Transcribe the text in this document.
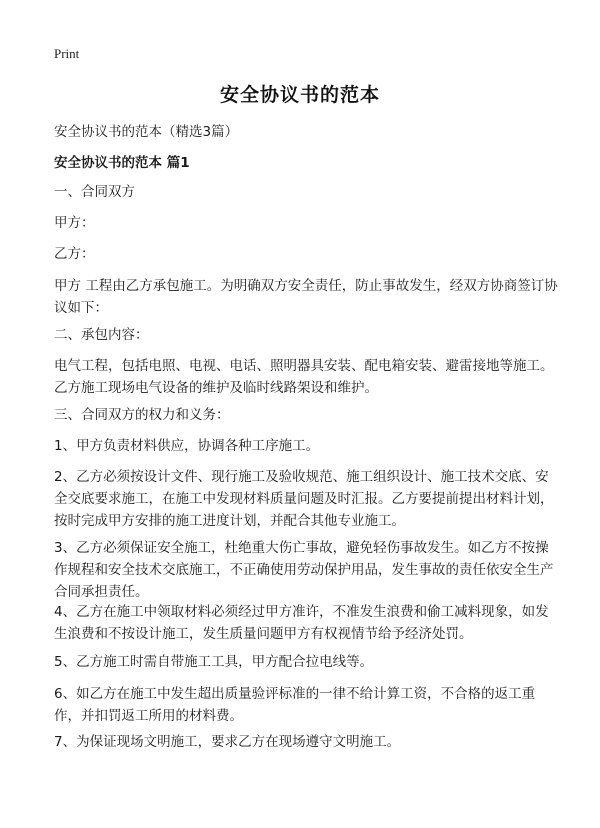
Print
安全协议书的范本
安全协议书的范本（精选3篇）
安全协议书的范本 篇1
一、合同双方
甲方：
乙方：
甲方 工程由乙方承包施工。为明确双方安全责任，防止事故发生，经双方协商签订协议如下：
二、承包内容：
电气工程，包括电照、电视、电话、照明器具安装、配电箱安装、避雷接地等施工。乙方施工现场电气设备的维护及临时线路架设和维护。
三、合同双方的权力和义务：
1、甲方负责材料供应，协调各种工序施工。
2、乙方必须按设计文件、现行施工及验收规范、施工组织设计、施工技术交底、安全交底要求施工，在施工中发现材料质量问题及时汇报。乙方要提前提出材料计划，按时完成甲方安排的施工进度计划，并配合其他专业施工。
3、乙方必须保证安全施工，杜绝重大伤亡事故，避免轻伤事故发生。如乙方不按操作规程和安全技术交底施工，不正确使用劳动保护用品，发生事故的责任依安全生产合同承担责任。
4、乙方在施工中领取材料必须经过甲方准许，不准发生浪费和偷工减料现象，如发生浪费和不按设计施工，发生质量问题甲方有权视情节给予经济处罚。
5、乙方施工时需自带施工工具，甲方配合拉电线等。
6、如乙方在施工中发生超出质量验评标准的一律不给计算工资，不合格的返工重作，并扣罚返工所用的材料费。
7、为保证现场文明施工，要求乙方在现场遵守文明施工。
